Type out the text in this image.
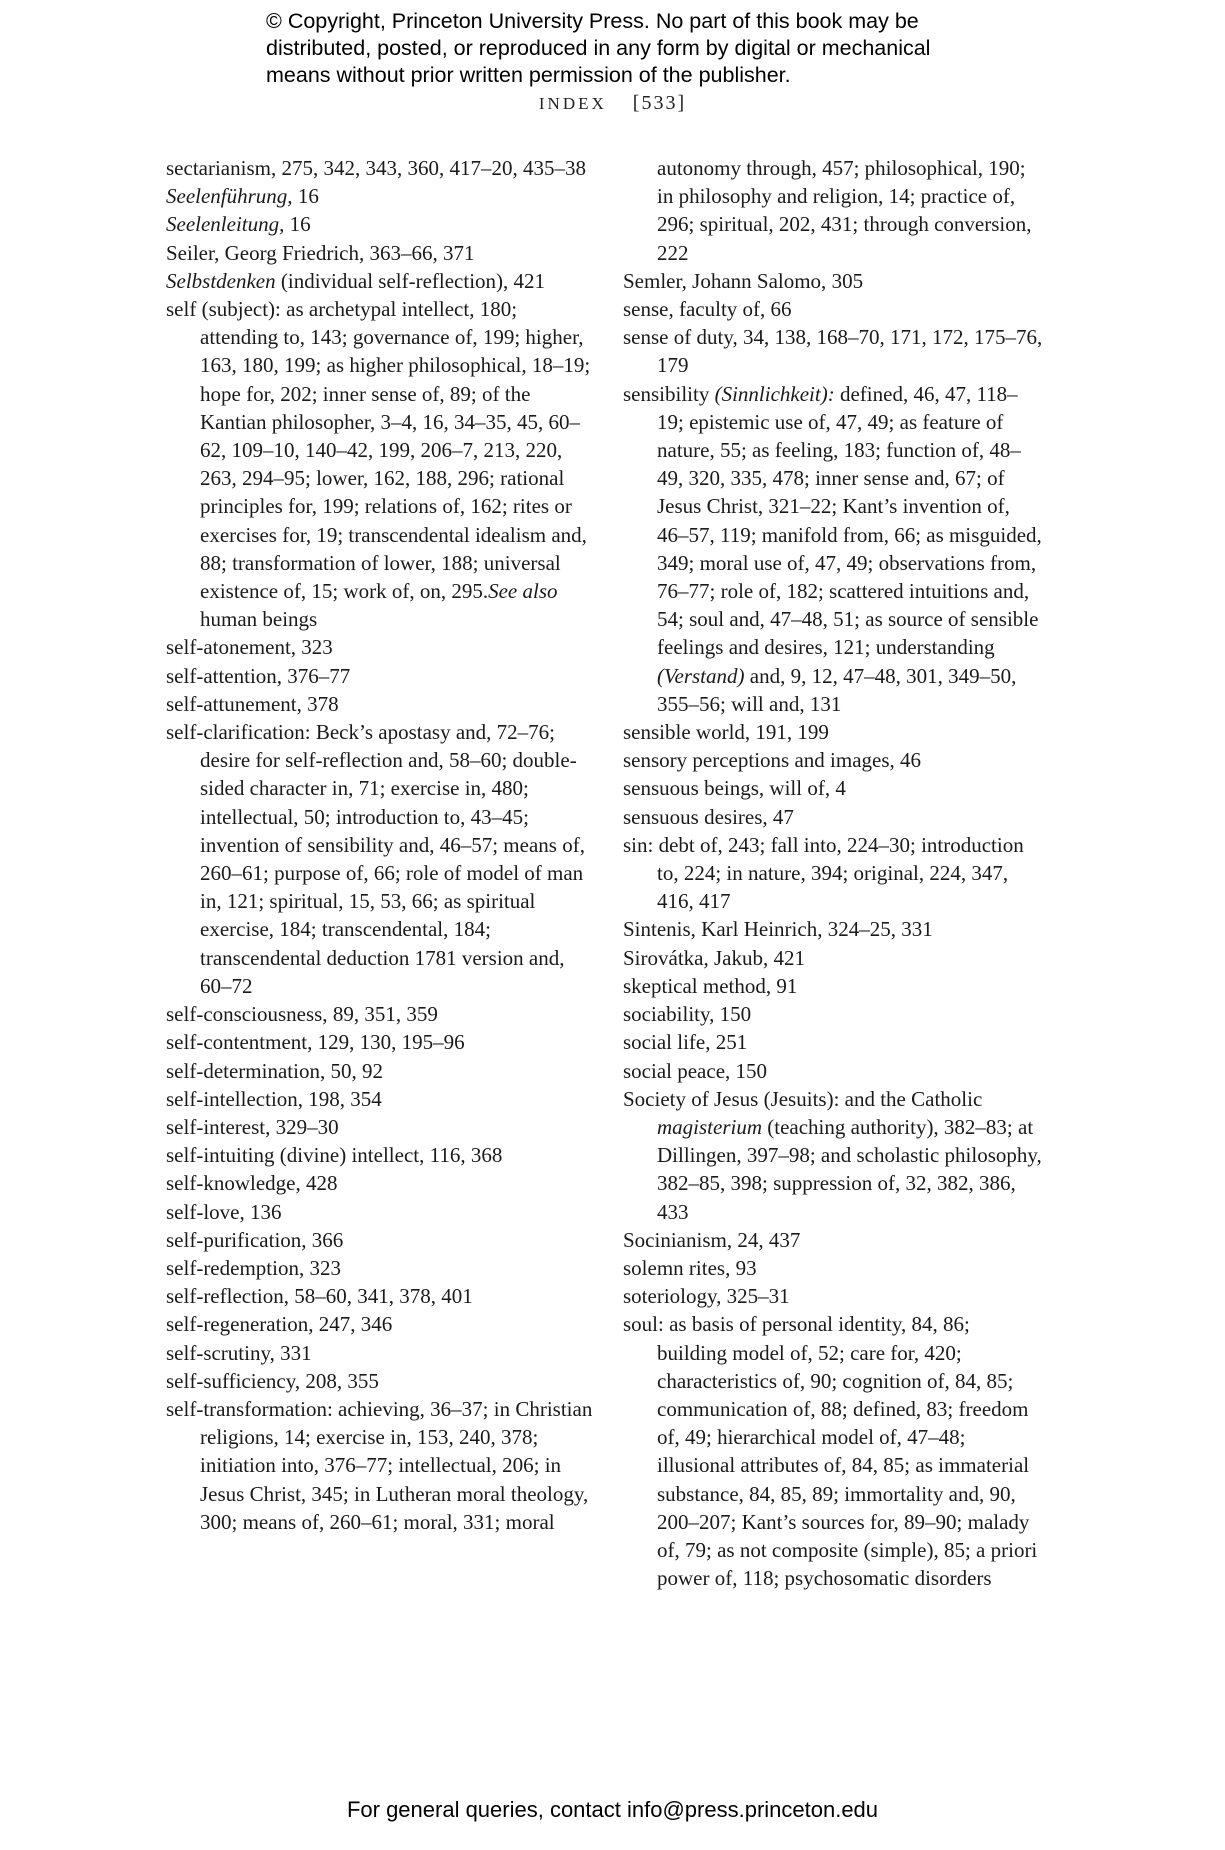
© Copyright, Princeton University Press. No part of this book may be
distributed, posted, or reproduced in any form by digital or mechanical
means without prior written permission of the publisher.
INDEX [533]
sectarianism, 275, 342, 343, 360, 417–20, 435–38
Seelenführung, 16
Seelenleitung, 16
Seiler, Georg Friedrich, 363–66, 371
Selbstdenken (individual self-reflection), 421
self (subject): as archetypal intellect, 180; attending to, 143; governance of, 199; higher, 163, 180, 199; as higher philosophical, 18–19; hope for, 202; inner sense of, 89; of the Kantian philosopher, 3–4, 16, 34–35, 45, 60–62, 109–10, 140–42, 199, 206–7, 213, 220, 263, 294–95; lower, 162, 188, 296; rational principles for, 199; relations of, 162; rites or exercises for, 19; transcendental idealism and, 88; transformation of lower, 188; universal existence of, 15; work of, on, 295.See also human beings
self-atonement, 323
self-attention, 376–77
self-attunement, 378
self-clarification: Beck’s apostasy and, 72–76; desire for self-reflection and, 58–60; double-sided character in, 71; exercise in, 480; intellectual, 50; introduction to, 43–45; invention of sensibility and, 46–57; means of, 260–61; purpose of, 66; role of model of man in, 121; spiritual, 15, 53, 66; as spiritual exercise, 184; transcendental, 184; transcendental deduction 1781 version and, 60–72
self-consciousness, 89, 351, 359
self-contentment, 129, 130, 195–96
self-determination, 50, 92
self-intellection, 198, 354
self-interest, 329–30
self-intuiting (divine) intellect, 116, 368
self-knowledge, 428
self-love, 136
self-purification, 366
self-redemption, 323
self-reflection, 58–60, 341, 378, 401
self-regeneration, 247, 346
self-scrutiny, 331
self-sufficiency, 208, 355
self-transformation: achieving, 36–37; in Christian religions, 14; exercise in, 153, 240, 378; initiation into, 376–77; intellectual, 206; in Jesus Christ, 345; in Lutheran moral theology, 300; means of, 260–61; moral, 331; moral
autonomy through, 457; philosophical, 190; in philosophy and religion, 14; practice of, 296; spiritual, 202, 431; through conversion, 222
Semler, Johann Salomo, 305
sense, faculty of, 66
sense of duty, 34, 138, 168–70, 171, 172, 175–76, 179
sensibility (Sinnlichkeit): defined, 46, 47, 118–19; epistemic use of, 47, 49; as feature of nature, 55; as feeling, 183; function of, 48–49, 320, 335, 478; inner sense and, 67; of Jesus Christ, 321–22; Kant’s invention of, 46–57, 119; manifold from, 66; as misguided, 349; moral use of, 47, 49; observations from, 76–77; role of, 182; scattered intuitions and, 54; soul and, 47–48, 51; as source of sensible feelings and desires, 121; understanding (Verstand) and, 9, 12, 47–48, 301, 349–50, 355–56; will and, 131
sensible world, 191, 199
sensory perceptions and images, 46
sensuous beings, will of, 4
sensuous desires, 47
sin: debt of, 243; fall into, 224–30; introduction to, 224; in nature, 394; original, 224, 347, 416, 417
Sintenis, Karl Heinrich, 324–25, 331
Sirovátka, Jakub, 421
skeptical method, 91
sociability, 150
social life, 251
social peace, 150
Society of Jesus (Jesuits): and the Catholic magisterium (teaching authority), 382–83; at Dillingen, 397–98; and scholastic philosophy, 382–85, 398; suppression of, 32, 382, 386, 433
Socinianism, 24, 437
solemn rites, 93
soteriology, 325–31
soul: as basis of personal identity, 84, 86; building model of, 52; care for, 420; characteristics of, 90; cognition of, 84, 85; communication of, 88; defined, 83; freedom of, 49; hierarchical model of, 47–48; illusional attributes of, 84, 85; as immaterial substance, 84, 85, 89; immortality and, 90, 200–207; Kant’s sources for, 89–90; malady of, 79; as not composite (simple), 85; a priori power of, 118; psychosomatic disorders
For general queries, contact info@press.princeton.edu
